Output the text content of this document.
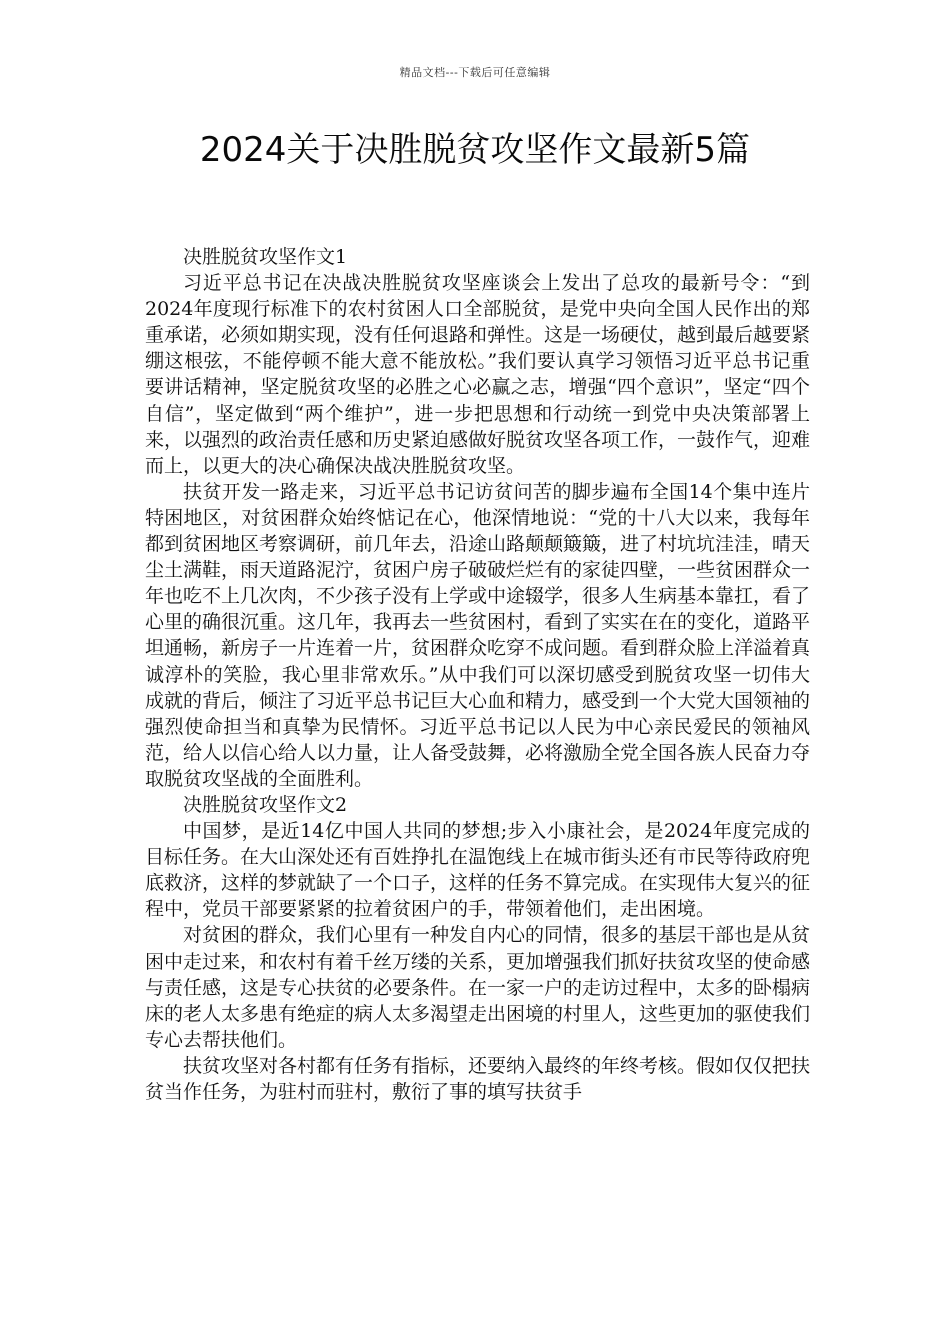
精品文档---下载后可任意编辑
2024关于决胜脱贫攻坚作文最新5篇

决胜脱贫攻坚作文1

习近平总书记在决战决胜脱贫攻坚座谈会上发出了总攻的最新号令：“到2024年度现行标准下的农村贫困人口全部脱贫，是党中央向全国人民作出的郑重承诺，必须如期实现，没有任何退路和弹性。这是一场硬仗，越到最后越要紧绷这根弦，不能停顿不能大意不能放松。”我们要认真学习领悟习近平总书记重要讲话精神，坚定脱贫攻坚的必胜之心必赢之志，增强“四个意识”，坚定“四个自信”，坚定做到“两个维护”，进一步把思想和行动统一到党中央决策部署上来，以强烈的政治责任感和历史紧迫感做好脱贫攻坚各项工作，一鼓作气，迎难而上，以更大的决心确保决战决胜脱贫攻坚。

扶贫开发一路走来，习近平总书记访贫问苦的脚步遍布全国14个集中连片特困地区，对贫困群众始终惦记在心，他深情地说：“党的十八大以来，我每年都到贫困地区考察调研，前几年去，沿途山路颠颠簸簸，进了村坑坑洼洼，晴天尘土满鞋，雨天道路泥泞，贫困户房子破破烂烂有的家徒四壁，一些贫困群众一年也吃不上几次肉，不少孩子没有上学或中途辍学，很多人生病基本靠扛，看了心里的确很沉重。这几年，我再去一些贫困村，看到了实实在在的变化，道路平坦通畅，新房子一片连着一片，贫困群众吃穿不成问题。看到群众脸上洋溢着真诚淳朴的笑脸，我心里非常欢乐。”从中我们可以深切感受到脱贫攻坚一切伟大成就的背后，倾注了习近平总书记巨大心血和精力，感受到一个大党大国领袖的强烈使命担当和真挚为民情怀。习近平总书记以人民为中心亲民爱民的领袖风范，给人以信心给人以力量，让人备受鼓舞，必将激励全党全国各族人民奋力夺取脱贫攻坚战的全面胜利。

决胜脱贫攻坚作文2

中国梦，是近14亿中国人共同的梦想;步入小康社会，是2024年度完成的目标任务。在大山深处还有百姓挣扎在温饱线上在城市街头还有市民等待政府兜底救济，这样的梦就缺了一个口子，这样的任务不算完成。在实现伟大复兴的征程中，党员干部要紧紧的拉着贫困户的手，带领着他们，走出困境。

对贫困的群众，我们心里有一种发自内心的同情，很多的基层干部也是从贫困中走过来，和农村有着千丝万缕的关系，更加增强我们抓好扶贫攻坚的使命感与责任感，这是专心扶贫的必要条件。在一家一户的走访过程中，太多的卧榻病床的老人太多患有绝症的病人太多渴望走出困境的村里人，这些更加的驱使我们专心去帮扶他们。

扶贫攻坚对各村都有任务有指标，还要纳入最终的年终考核。假如仅仅把扶贫当作任务，为驻村而驻村，敷衍了事的填写扶贫手
